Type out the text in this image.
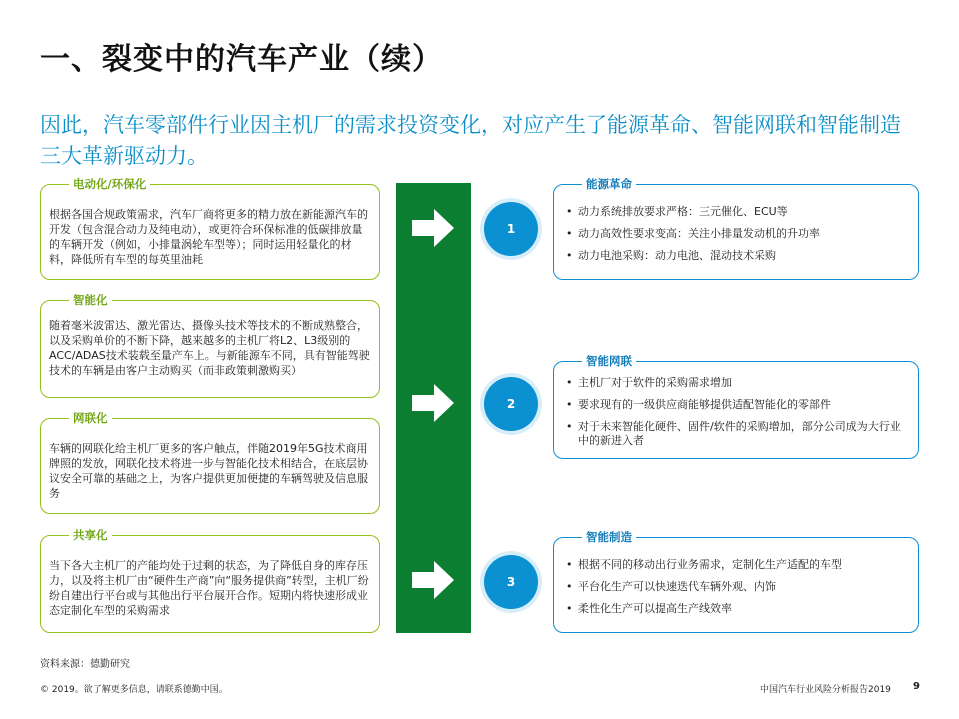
一、裂变中的汽车产业（续）
因此，汽车零部件行业因主机厂的需求投资变化，对应产生了能源革命、智能网联和智能制造三大革新驱动力。
电动化/环保化
根据各国合规政策需求，汽车厂商将更多的精力放在新能源汽车的开发（包含混合动力及纯电动），或更符合环保标准的低碳排放量的车辆开发（例如，小排量涡轮车型等）；同时运用轻量化的材料，降低所有车型的每英里油耗
智能化
随着毫米波雷达、激光雷达、摄像头技术等技术的不断成熟整合，以及采购单价的不断下降，越来越多的主机厂将L2、L3级别的ACC/ADAS技术装载至量产车上。与新能源车不同，具有智能驾驶技术的车辆是由客户主动购买（而非政策刺激购买）
网联化
车辆的网联化给主机厂更多的客户触点，伴随2019年5G技术商用牌照的发放，网联化技术将进一步与智能化技术相结合，在底层协议安全可靠的基础之上，为客户提供更加便捷的车辆驾驶及信息服务
共享化
当下各大主机厂的产能均处于过剩的状态，为了降低自身的库存压力，以及将主机厂由“硬件生产商”向“服务提供商”转型，主机厂纷纷自建出行平台或与其他出行平台展开合作。短期内将快速形成业态定制化车型的采购需求
1
2
3
能源革命
• 动力系统排放要求严格：三元催化、ECU等
• 动力高效性要求变高：关注小排量发动机的升功率
• 动力电池采购：动力电池、混动技术采购
智能网联
• 主机厂对于软件的采购需求增加
• 要求现有的一级供应商能够提供适配智能化的零部件
• 对于未来智能化硬件、固件/软件的采购增加，部分公司成为大行业中的新进入者
智能制造
• 根据不同的移动出行业务需求，定制化生产适配的车型
• 平台化生产可以快速迭代车辆外观、内饰
• 柔性化生产可以提高生产线效率
资料来源：德勤研究
© 2019。欲了解更多信息，请联系德勤中国。	中国汽车行业风险分析报告2019 9
